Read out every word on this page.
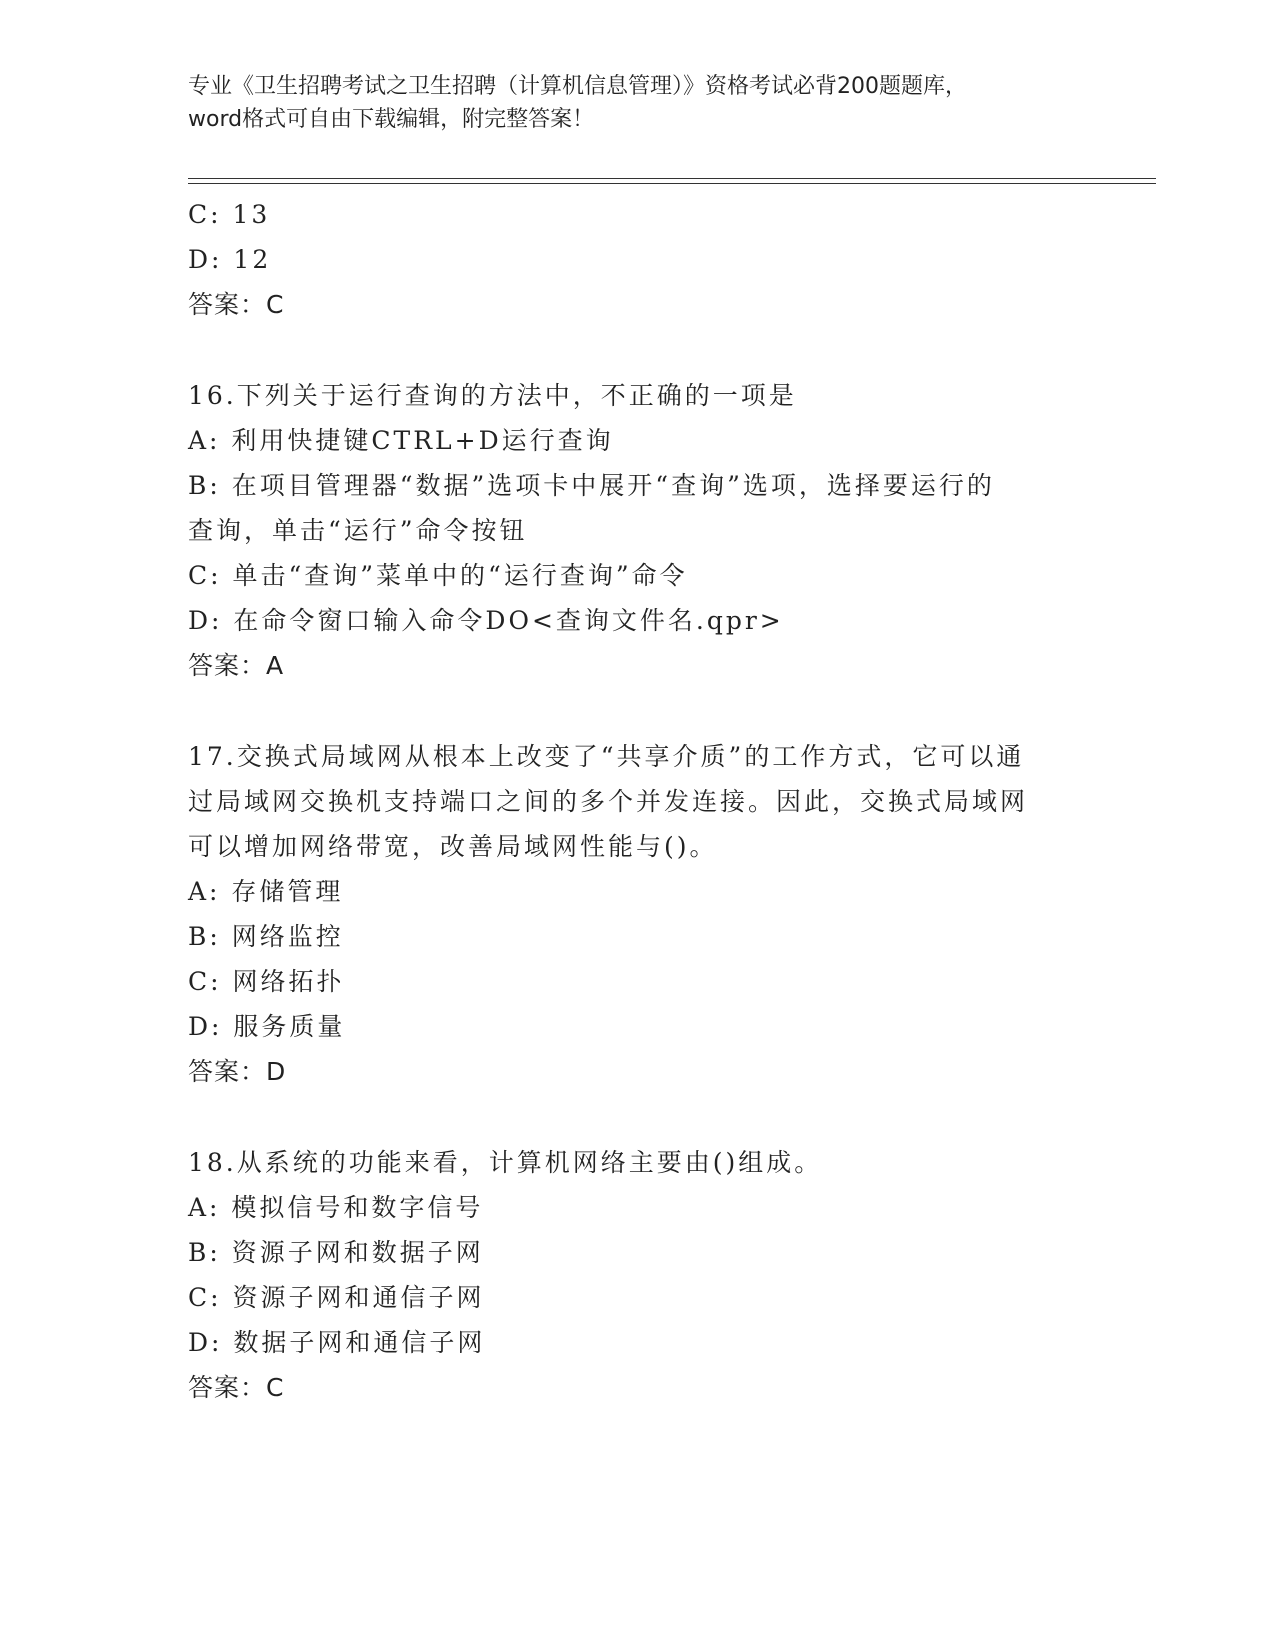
专业《卫生招聘考试之卫生招聘（计算机信息管理）》资格考试必背200题题库，
word格式可自由下载编辑，附完整答案！
C: 13
D: 12
答案：C
16.下列关于运行查询的方法中，不正确的一项是
A: 利用快捷键CTRL+D运行查询
B: 在项目管理器“数据”选项卡中展开“查询”选项，选择要运行的
查询，单击“运行”命令按钮
C: 单击“查询”菜单中的“运行查询”命令
D: 在命令窗口输入命令DO<查询文件名.qpr>
答案：A
17.交换式局域网从根本上改变了“共享介质”的工作方式，它可以通
过局域网交换机支持端口之间的多个并发连接。因此，交换式局域网
可以增加网络带宽，改善局域网性能与()。
A: 存储管理
B: 网络监控
C: 网络拓扑
D: 服务质量
答案：D
18.从系统的功能来看，计算机网络主要由()组成。
A: 模拟信号和数字信号
B: 资源子网和数据子网
C: 资源子网和通信子网
D: 数据子网和通信子网
答案：C
